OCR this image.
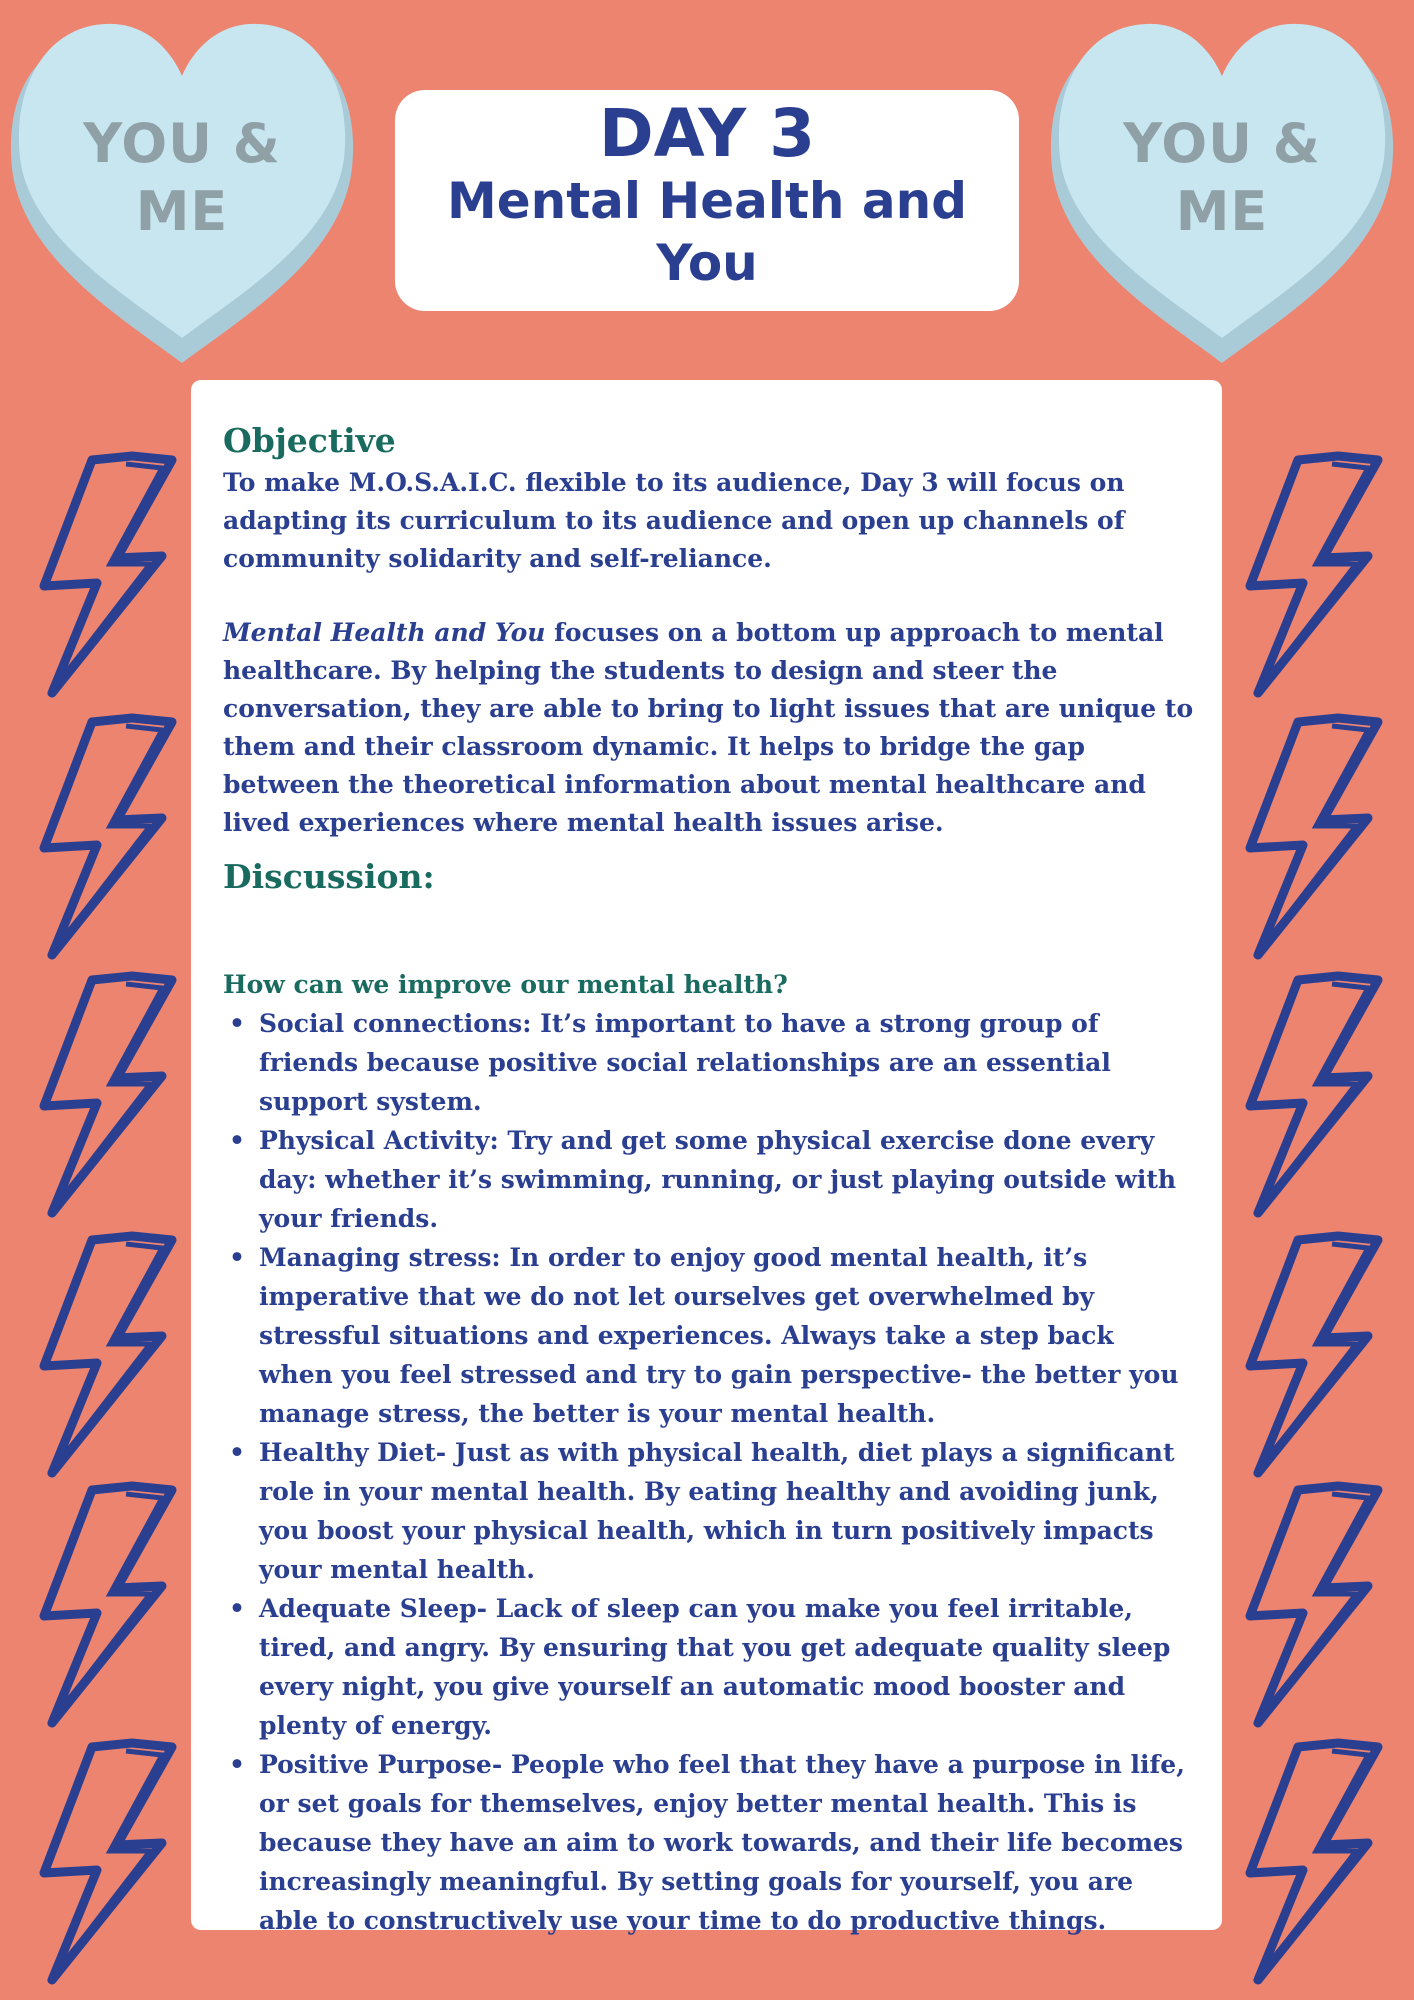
YOU &
ME
YOU &
ME
DAY 3
Mental Health and You
Objective

To make M.O.S.A.I.C. flexible to its audience, Day 3 will focus on adapting its curriculum to its audience and open up channels of community solidarity and self-reliance.

Mental Health and You focuses on a bottom up approach to mental healthcare. By helping the students to design and steer the conversation, they are able to bring to light issues that are unique to them and their classroom dynamic. It helps to bridge the gap between the theoretical information about mental healthcare and lived experiences where mental health issues arise.

Discussion:
How can we improve our mental health?
• Social connections: It’s important to have a strong group of friends because positive social relationships are an essential support system.
• Physical Activity: Try and get some physical exercise done every day: whether it’s swimming, running, or just playing outside with your friends.
• Managing stress: In order to enjoy good mental health, it’s imperative that we do not let ourselves get overwhelmed by stressful situations and experiences. Always take a step back when you feel stressed and try to gain perspective- the better you manage stress, the better is your mental health.
• Healthy Diet- Just as with physical health, diet plays a significant role in your mental health. By eating healthy and avoiding junk, you boost your physical health, which in turn positively impacts your mental health.
• Adequate Sleep- Lack of sleep can you make you feel irritable, tired, and angry. By ensuring that you get adequate quality sleep every night, you give yourself an automatic mood booster and plenty of energy.
• Positive Purpose- People who feel that they have a purpose in life, or set goals for themselves, enjoy better mental health. This is because they have an aim to work towards, and their life becomes increasingly meaningful. By setting goals for yourself, you are able to constructively use your time to do productive things.
